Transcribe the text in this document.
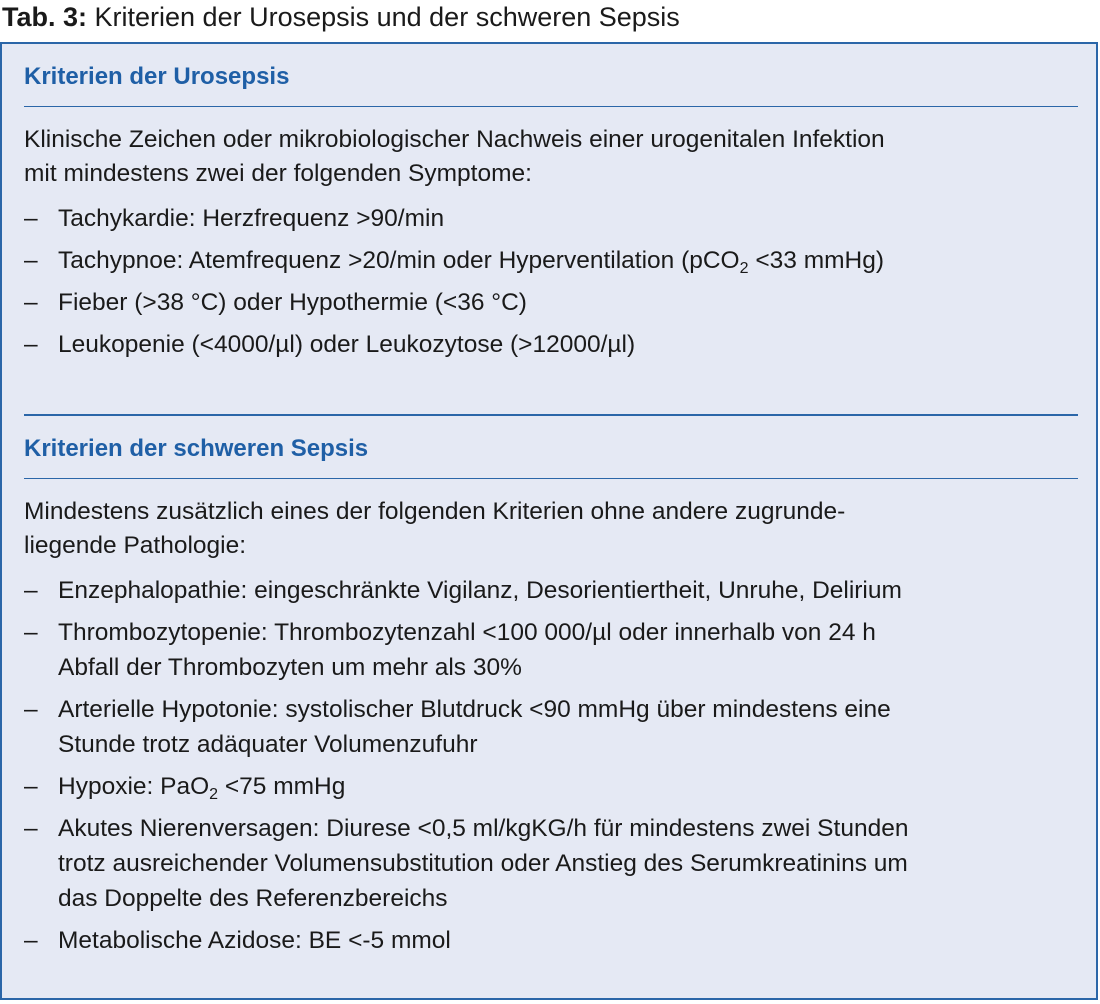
Tab. 3: Kriterien der Urosepsis und der schweren Sepsis
Kriterien der Urosepsis
Klinische Zeichen oder mikrobiologischer Nachweis einer urogenitalen Infektion
mit mindestens zwei der folgenden Symptome:
– Tachykardie: Herzfrequenz >90/min
– Tachypnoe: Atemfrequenz >20/min oder Hyperventilation (pCO$_2$ <33 mmHg)
– Fieber (>38 °C) oder Hypothermie (<36 °C)
– Leukopenie (<4000/µl) oder Leukozytose (>12000/µl)
Kriterien der schweren Sepsis
Mindestens zusätzlich eines der folgenden Kriterien ohne andere zugrunde-
liegende Pathologie:
– Enzephalopathie: eingeschränkte Vigilanz, Desorientiertheit, Unruhe, Delirium
– Thrombozytopenie: Thrombozytenzahl <100 000/µl oder innerhalb von 24 h
Abfall der Thrombozyten um mehr als 30%
– Arterielle Hypotonie: systolischer Blutdruck <90 mmHg über mindestens eine
Stunde trotz adäquater Volumenzufuhr
– Hypoxie: PaO$_2$ <75 mmHg
– Akutes Nierenversagen: Diurese <0,5 ml/kgKG/h für mindestens zwei Stunden
trotz ausreichender Volumensubstitution oder Anstieg des Serumkreatinins um
das Doppelte des Referenzbereichs
– Metabolische Azidose: BE <-5 mmol
